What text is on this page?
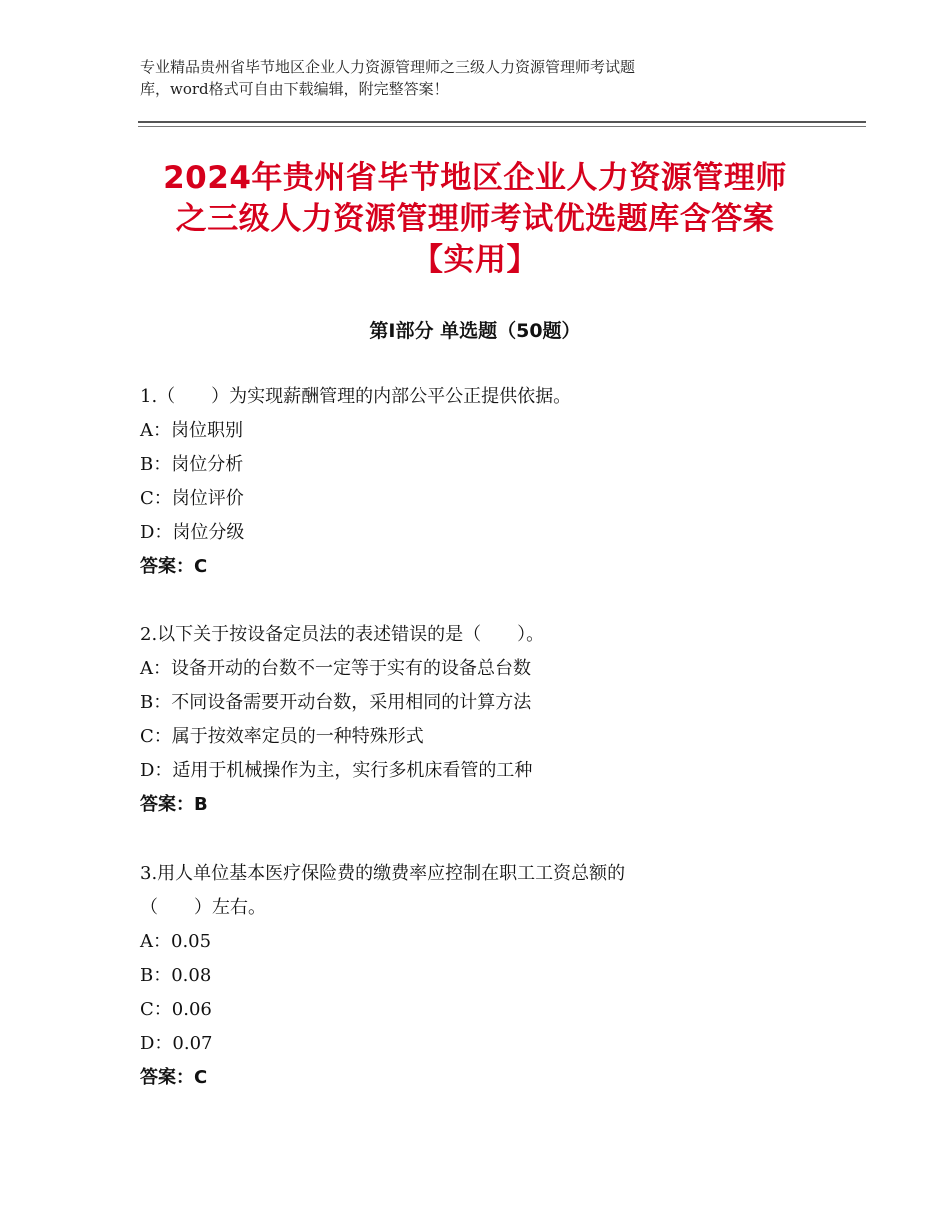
专业精品贵州省毕节地区企业人力资源管理师之三级人力资源管理师考试题
库，word格式可自由下载编辑，附完整答案！
2024年贵州省毕节地区企业人力资源管理师
之三级人力资源管理师考试优选题库含答案
【实用】
第Ⅰ部分 单选题（50题）
1.（　　）为实现薪酬管理的内部公平公正提供依据。
A：岗位职别
B：岗位分析
C：岗位评价
D：岗位分级
答案：C
2.以下关于按设备定员法的表述错误的是（　　）。
A：设备开动的台数不一定等于实有的设备总台数
B：不同设备需要开动台数，采用相同的计算方法
C：属于按效率定员的一种特殊形式
D：适用于机械操作为主，实行多机床看管的工种
答案：B
3.用人单位基本医疗保险费的缴费率应控制在职工工资总额的
（　　）左右。
A：0.05
B：0.08
C：0.06
D：0.07
答案：C
